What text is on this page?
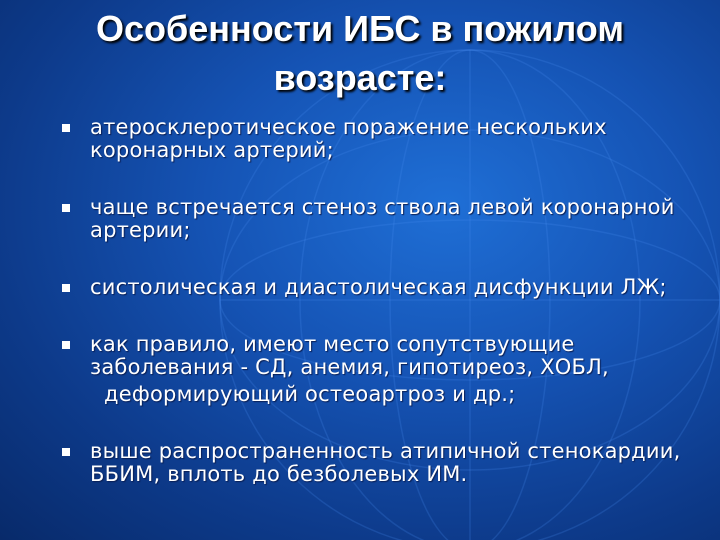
Особенности ИБС в пожилом
возрасте:
атеросклеротическое поражение нескольких коронарных артерий;
чаще встречается стеноз ствола левой коронарной артерии;
систолическая и диастолическая дисфункции ЛЖ;
как правило, имеют место сопутствующие заболевания - СД, анемия, гипотиреоз, ХОБЛ,
деформирующий остеоартроз и др.;
выше распространенность атипичной стенокардии, ББИМ, вплоть до безболевых ИМ.
